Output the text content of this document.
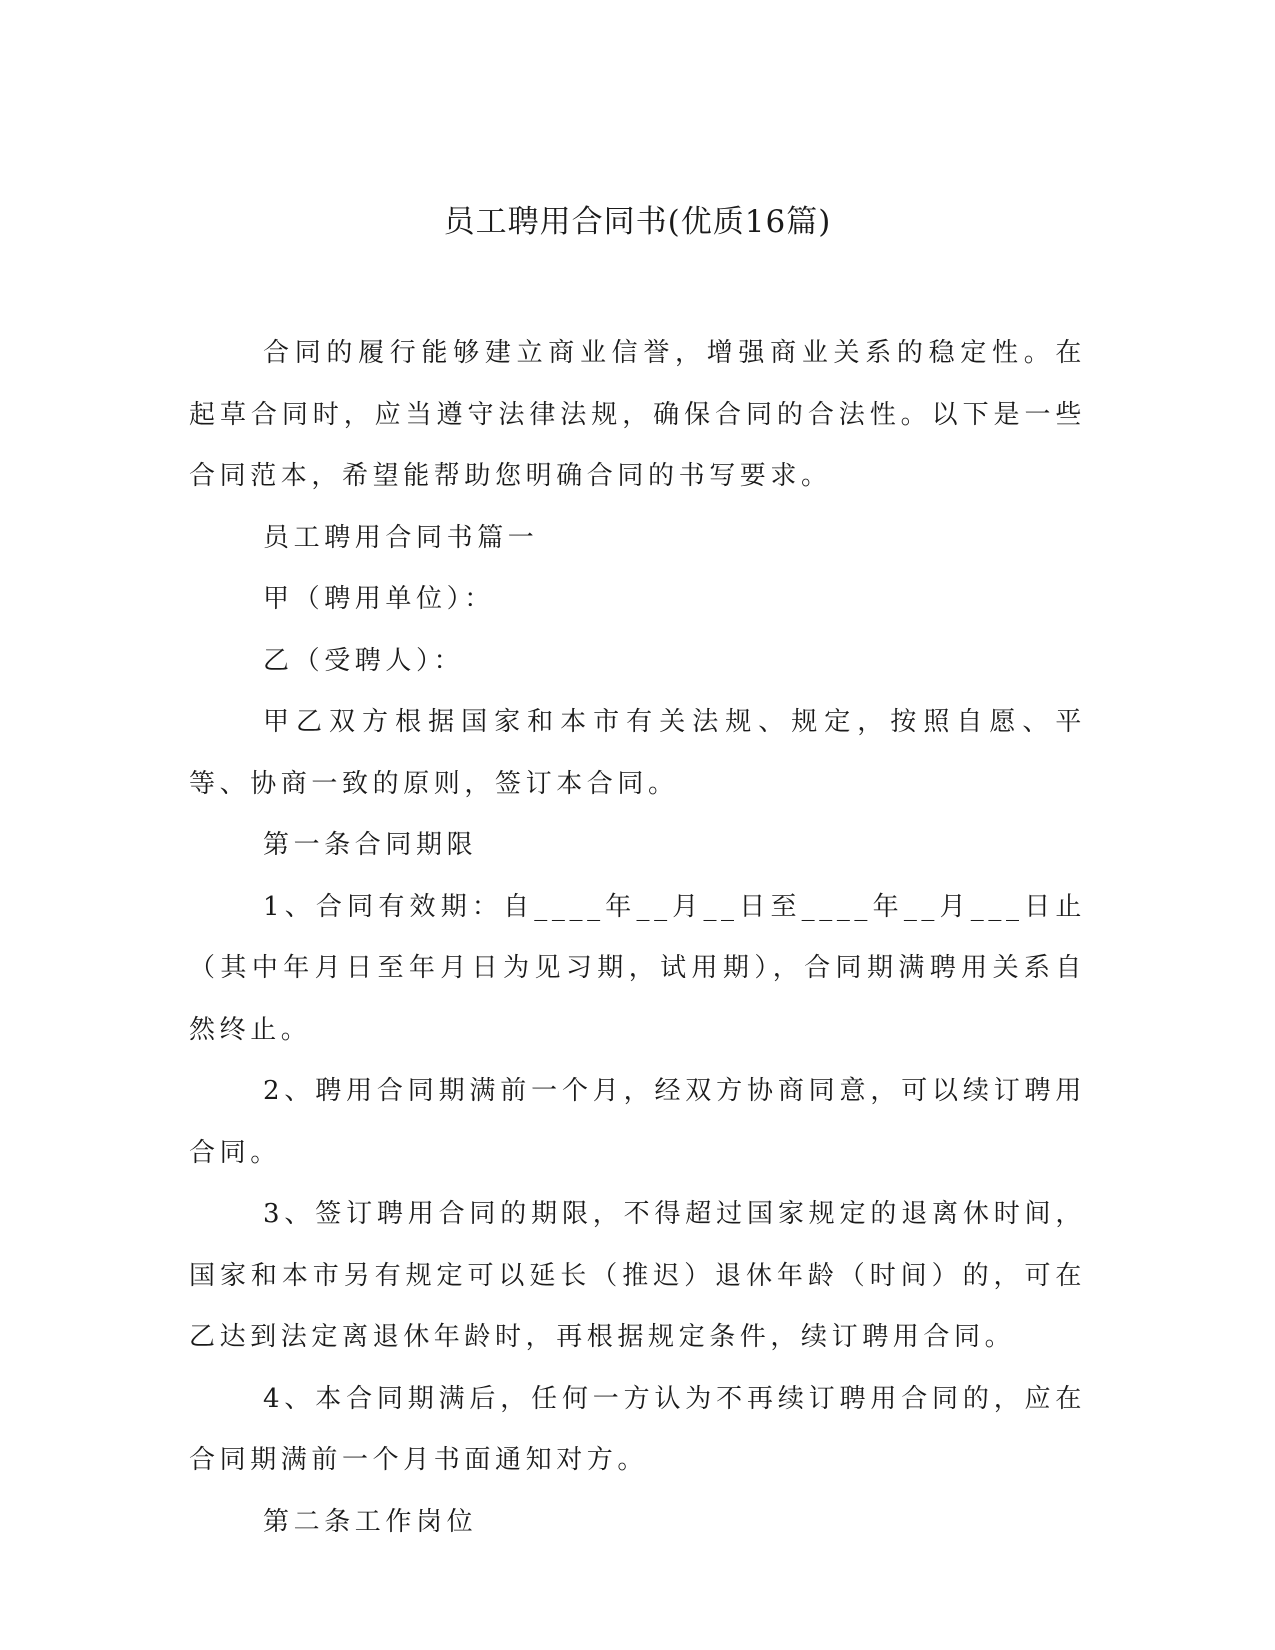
员工聘用合同书(优质16篇)

合同的履行能够建立商业信誉，增强商业关系的稳定性。在起草合同时，应当遵守法律法规，确保合同的合法性。以下是一些合同范本，希望能帮助您明确合同的书写要求。

员工聘用合同书篇一

甲（聘用单位）：

乙（受聘人）：

甲乙双方根据国家和本市有关法规、规定，按照自愿、平等、协商一致的原则，签订本合同。

第一条合同期限

1、合同有效期：自____年__月__日至____年__月___日止（其中年月日至年月日为见习期，试用期），合同期满聘用关系自然终止。

2、聘用合同期满前一个月，经双方协商同意，可以续订聘用合同。

3、签订聘用合同的期限，不得超过国家规定的退离休时间，国家和本市另有规定可以延长（推迟）退休年龄（时间）的，可在乙达到法定离退休年龄时，再根据规定条件，续订聘用合同。

4、本合同期满后，任何一方认为不再续订聘用合同的，应在合同期满前一个月书面通知对方。

第二条工作岗位
